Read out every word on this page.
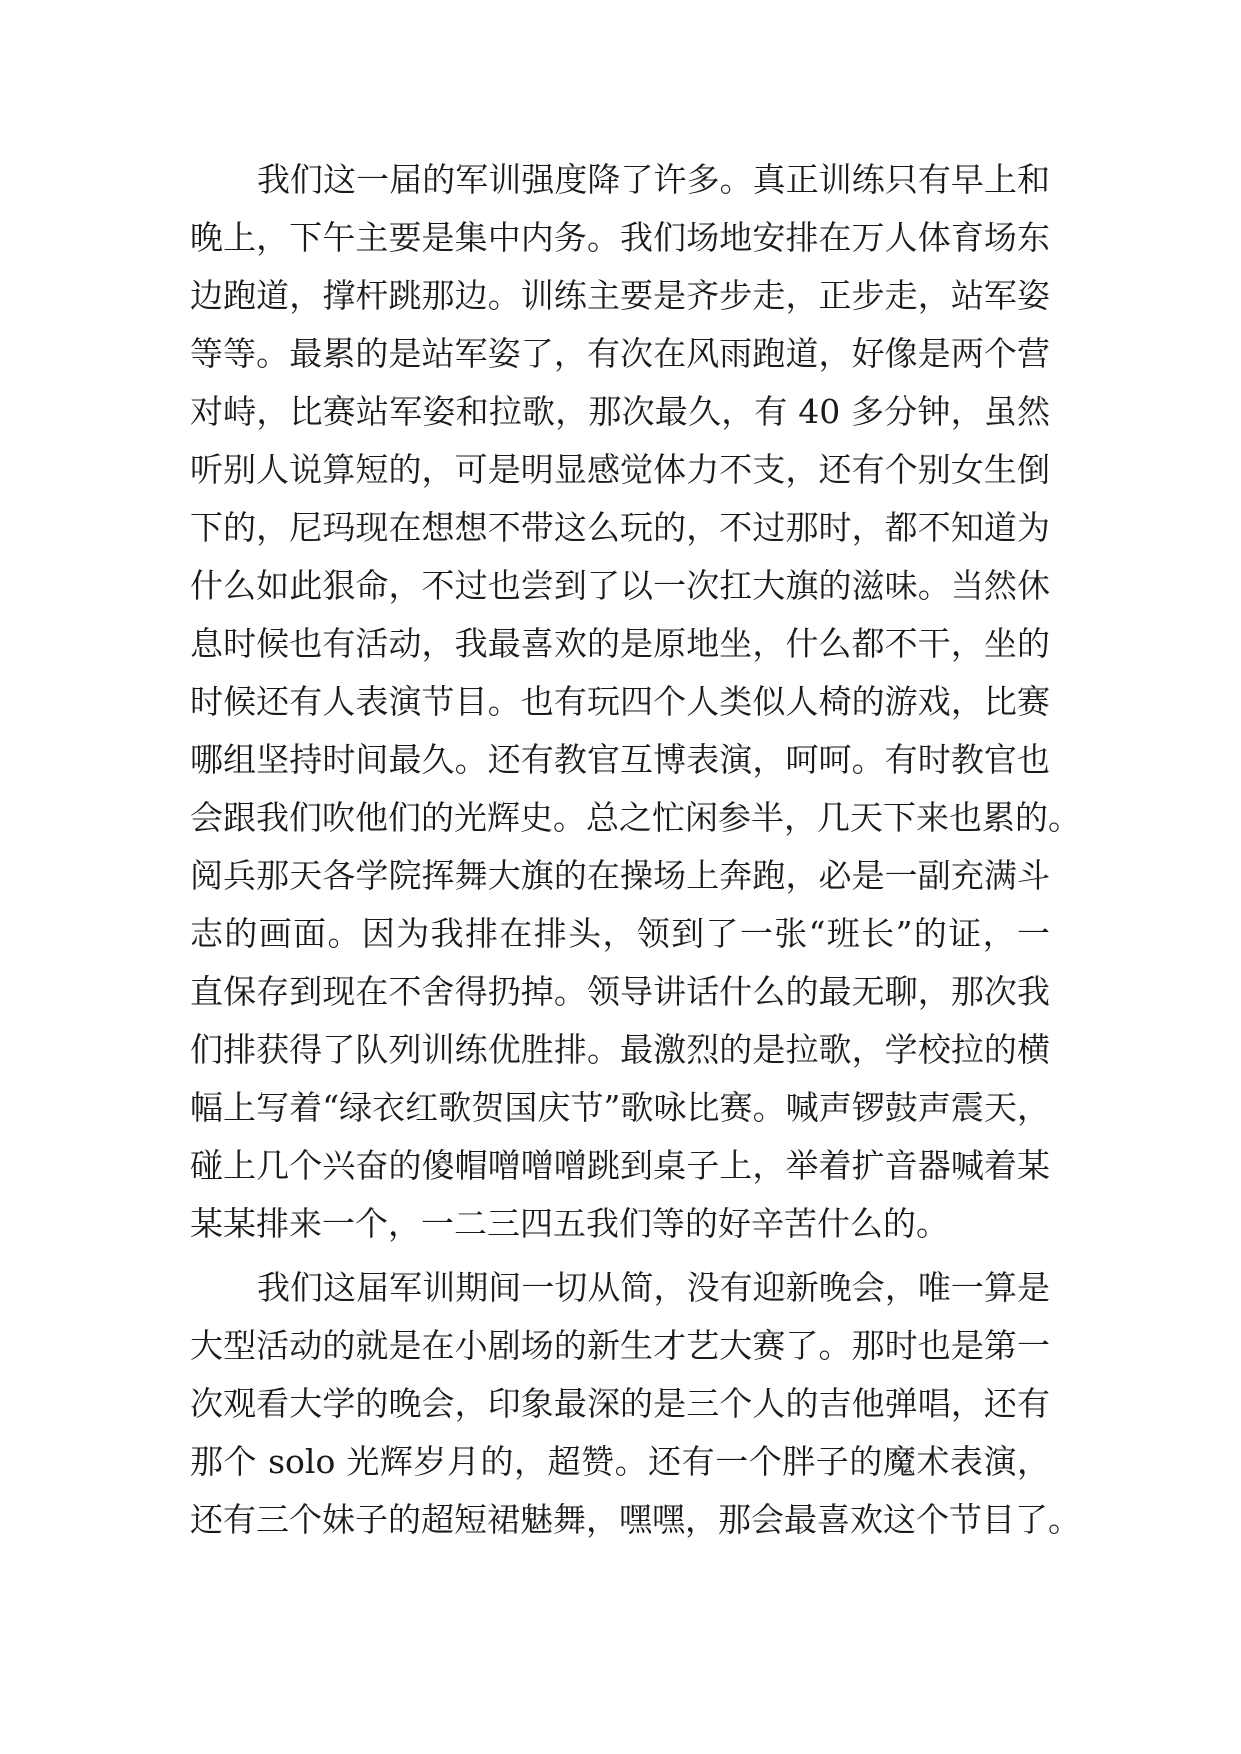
我们这一届的军训强度降了许多。真正训练只有早上和
晚上，下午主要是集中内务。我们场地安排在万人体育场东
边跑道，撑杆跳那边。训练主要是齐步走，正步走，站军姿
等等。最累的是站军姿了，有次在风雨跑道，好像是两个营
对峙，比赛站军姿和拉歌，那次最久，有 40 多分钟，虽然
听别人说算短的，可是明显感觉体力不支，还有个别女生倒
下的，尼玛现在想想不带这么玩的，不过那时，都不知道为
什么如此狠命，不过也尝到了以一次扛大旗的滋味。当然休
息时候也有活动，我最喜欢的是原地坐，什么都不干，坐的
时候还有人表演节目。也有玩四个人类似人椅的游戏，比赛
哪组坚持时间最久。还有教官互博表演，呵呵。有时教官也
会跟我们吹他们的光辉史。总之忙闲参半，几天下来也累的。
阅兵那天各学院挥舞大旗的在操场上奔跑，必是一副充满斗
志的画面。因为我排在排头，领到了一张“班长”的证，一
直保存到现在不舍得扔掉。领导讲话什么的最无聊，那次我
们排获得了队列训练优胜排。最激烈的是拉歌，学校拉的横
幅上写着“绿衣红歌贺国庆节”歌咏比赛。喊声锣鼓声震天，
碰上几个兴奋的傻帽噌噌噌跳到桌子上，举着扩音器喊着某
某某排来一个，一二三四五我们等的好辛苦什么的。
我们这届军训期间一切从简，没有迎新晚会，唯一算是
大型活动的就是在小剧场的新生才艺大赛了。那时也是第一
次观看大学的晚会，印象最深的是三个人的吉他弹唱，还有
那个 solo 光辉岁月的，超赞。还有一个胖子的魔术表演，
还有三个妹子的超短裙魅舞，嘿嘿，那会最喜欢这个节目了。
